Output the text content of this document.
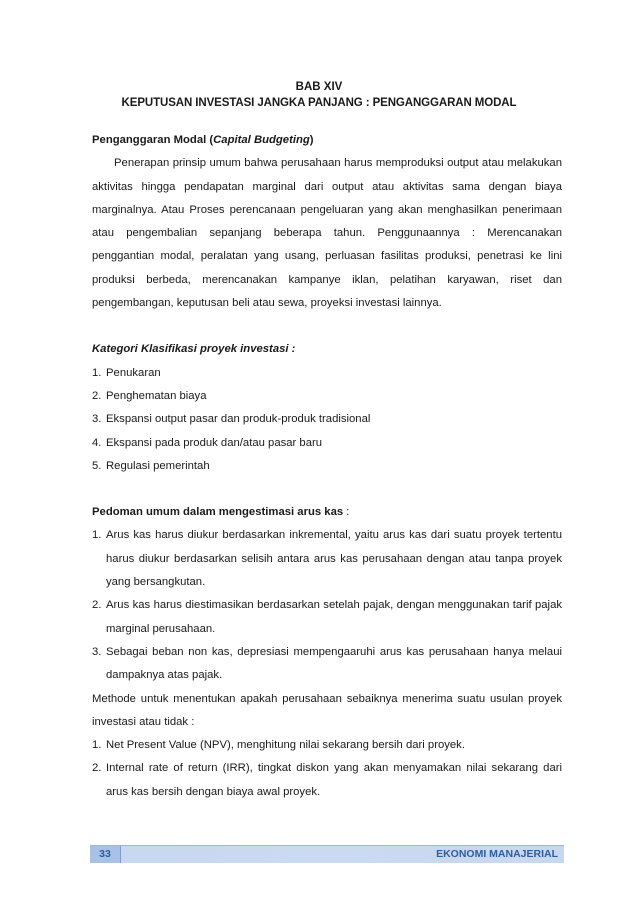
BAB XIV
KEPUTUSAN INVESTASI JANGKA PANJANG : PENGANGGARAN MODAL

Penganggaran Modal (Capital Budgeting)

Penerapan prinsip umum bahwa perusahaan harus memproduksi output atau melakukan aktivitas hingga pendapatan marginal dari output atau aktivitas sama dengan biaya marginalnya. Atau Proses perencanaan pengeluaran yang akan menghasilkan penerimaan atau pengembalian sepanjang beberapa tahun. Penggunaannya : Merencanakan penggantian modal, peralatan yang usang, perluasan fasilitas produksi, penetrasi ke lini produksi berbeda, merencanakan kampanye iklan, pelatihan karyawan, riset dan pengembangan, keputusan beli atau sewa, proyeksi investasi lainnya.

Kategori Klasifikasi proyek investasi :

1. Penukaran
2. Penghematan biaya
3. Ekspansi output pasar dan produk-produk tradisional
4. Ekspansi pada produk dan/atau pasar baru
5. Regulasi pemerintah

Pedoman umum dalam mengestimasi arus kas :

1. Arus kas harus diukur berdasarkan inkremental, yaitu arus kas dari suatu proyek tertentu harus diukur berdasarkan selisih antara arus kas perusahaan dengan atau tanpa proyek yang bersangkutan.
2. Arus kas harus diestimasikan berdasarkan setelah pajak, dengan menggunakan tarif pajak marginal perusahaan.
3. Sebagai beban non kas, depresiasi mempengaaruhi arus kas perusahaan hanya melaui dampaknya atas pajak.

Methode untuk menentukan apakah perusahaan sebaiknya menerima suatu usulan proyek investasi atau tidak :

1. Net Present Value (NPV), menghitung nilai sekarang bersih dari proyek.
2. Internal rate of return (IRR), tingkat diskon yang akan menyamakan nilai sekarang dari arus kas bersih dengan biaya awal proyek.
33	EKONOMI MANAJERIAL
